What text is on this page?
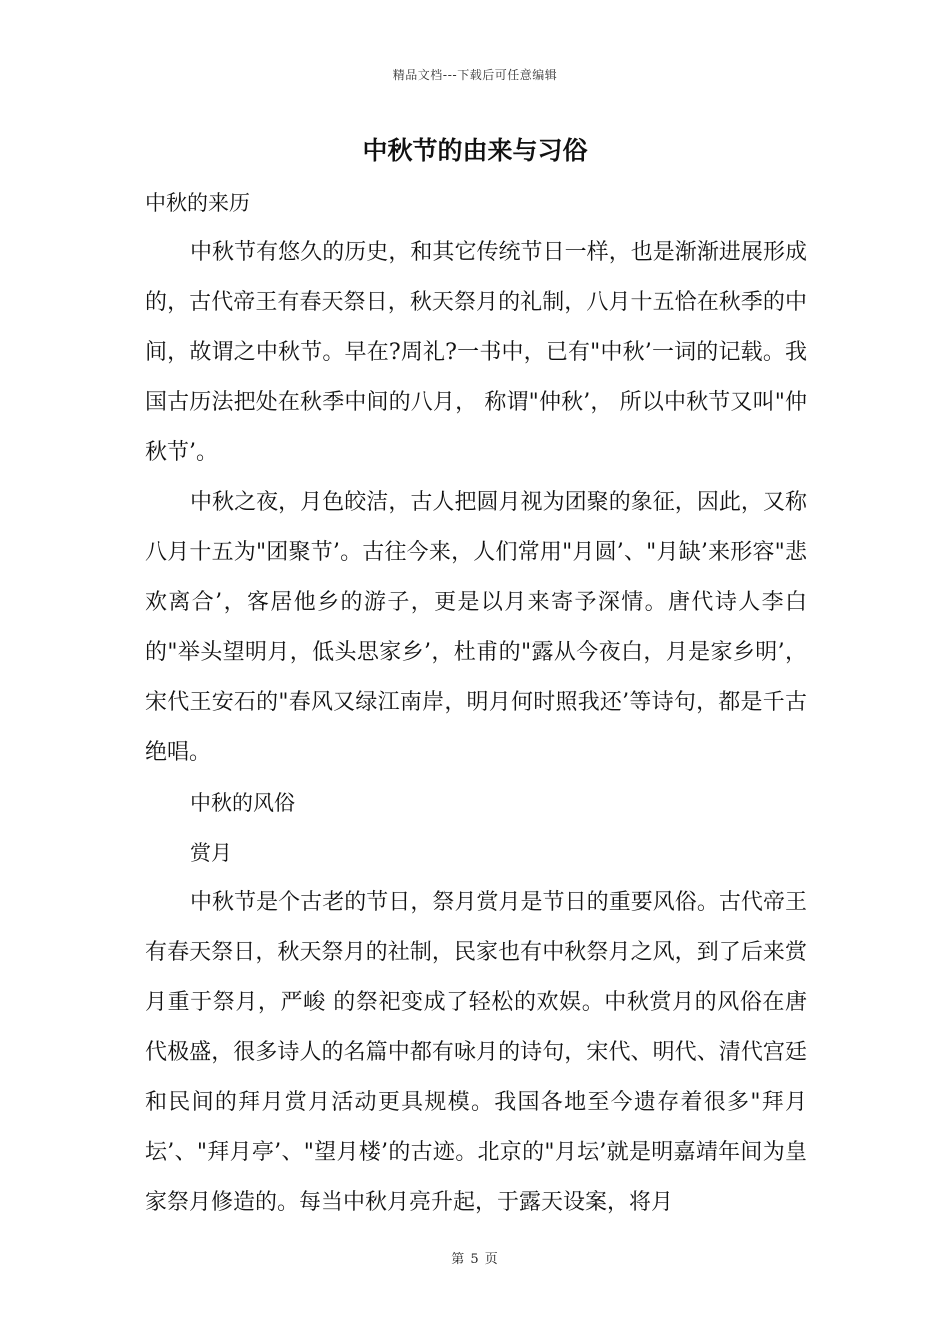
精品文档---下载后可任意编辑
中秋节的由来与习俗

中秋的来历

中秋节有悠久的历史，和其它传统节日一样，也是渐渐进展形成的，古代帝王有春天祭日，秋天祭月的礼制，八月十五恰在秋季的中间，故谓之中秋节。早在?周礼?一书中，已有"中秋’一词的记载。我国古历法把处在秋季中间的八月， 称谓"仲秋’， 所以中秋节又叫"仲秋节’。

中秋之夜，月色皎洁，古人把圆月视为团聚的象征，因此，又称八月十五为"团聚节’。古往今来，人们常用"月圆’、"月缺’来形容"悲欢离合’，客居他乡的游子，更是以月来寄予深情。唐代诗人李白的"举头望明月，低头思家乡’，杜甫的"露从今夜白，月是家乡明’，宋代王安石的"春风又绿江南岸，明月何时照我还’等诗句，都是千古绝唱。

中秋的风俗

赏月

中秋节是个古老的节日，祭月赏月是节日的重要风俗。古代帝王有春天祭日，秋天祭月的社制，民家也有中秋祭月之风，到了后来赏月重于祭月，严峻 的祭祀变成了轻松的欢娱。中秋赏月的风俗在唐代极盛，很多诗人的名篇中都有咏月的诗句，宋代、明代、清代宫廷和民间的拜月赏月活动更具规模。我国各地至今遗存着很多"拜月坛’、"拜月亭’、"望月楼’的古迹。北京的"月坛’就是明嘉靖年间为皇家祭月修造的。每当中秋月亮升起，于露天设案，将月

第 5 页
